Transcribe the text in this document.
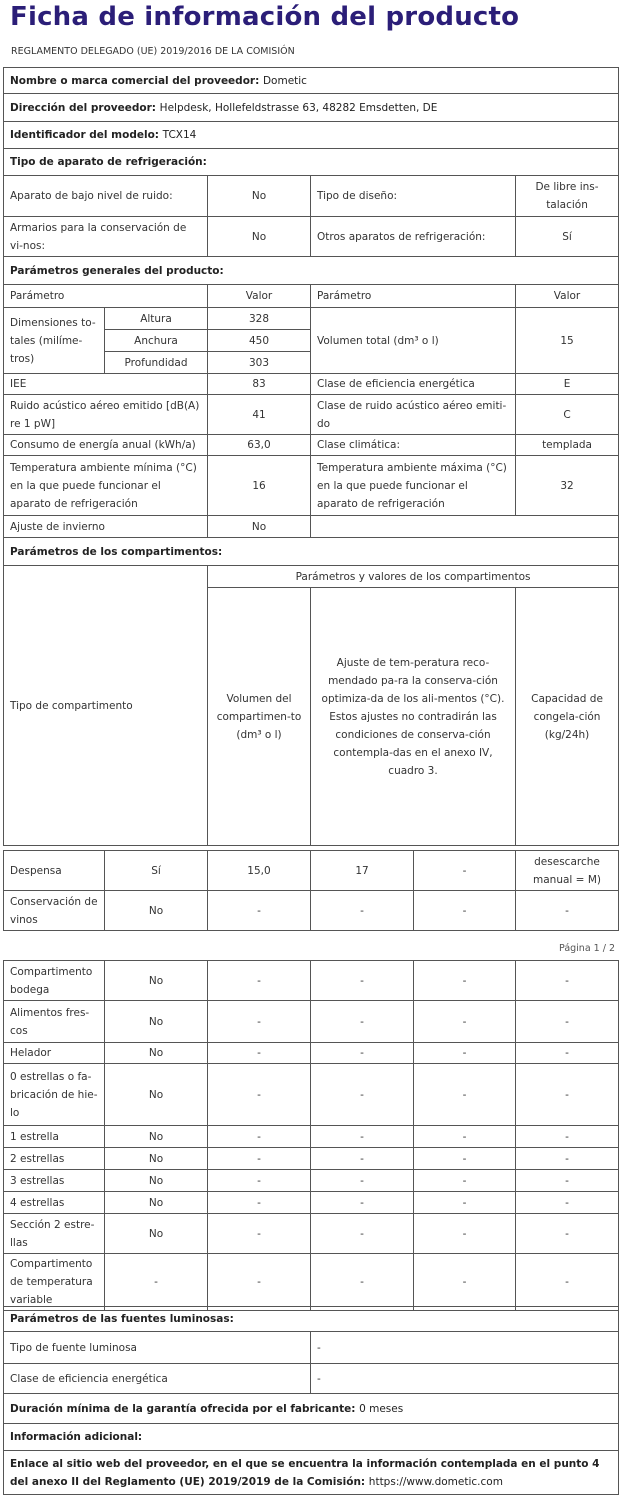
Ficha de información del producto
REGLAMENTO DELEGADO (UE) 2019/2016 DE LA COMISIÓN
Nombre o marca comercial del proveedor: Dometic					
Dirección del proveedor: Helpdesk, Hollefeldstrasse 63, 48282 Emsdetten, DE					
Identificador del modelo: TCX14					
Tipo de aparato de refrigeración:					
Aparato de bajo nivel de ruido:		No	Tipo de diseño:	De libre ins-talación	
Armarios para la conservación de vi-nos:		No	Otros aparatos de refrigeración:	Sí	
Parámetros generales del producto:					
Parámetro		Valor	Parámetro	Valor	
Dimensiones to-tales (milíme-tros)	Altura	328	Volumen total (dm³ o l)	15	
	Anchura	450			
	Profundidad	303			
IEE		83	Clase de eficiencia energética	E	
Ruido acústico aéreo emitido [dB(A) re 1 pW]		41	Clase de ruido acústico aéreo emiti-do	C	
Consumo de energía anual (kWh/a)		63,0	Clase climática:	templada	
Temperatura ambiente mínima (°C) en la que puede funcionar el aparato de refrigeración		16	Temperatura ambiente máxima (°C) en la que puede funcionar el aparato de refrigeración	32	
Ajuste de invierno		No			
Parámetros de los compartimentos:					
Tipo de compartimento		Parámetros y valores de los compartimentos			
		Volumen del compartimen-to (dm³ o l)	Ajuste de tem-peratura reco-mendado pa-ra la conserva-ción optimiza-da de los ali-mentos (°C). Estos ajustes no contradirán las condiciones de conserva-ción contempla-das en el anexo IV, cuadro 3.	Capacidad de congela-ción (kg/24h)	
Despensa	Sí	15,0	17	-	desescarche manual = M)
Conservación de vinos	No	-	-	-	-
Página 1 / 2
Compartimento bodega	No	-	-	-	-
Alimentos fres-cos	No	-	-	-	-
Helador	No	-	-	-	-
0 estrellas o fa-bricación de hie-lo	No	-	-	-	-
1 estrella	No	-	-	-	-
2 estrellas	No	-	-	-	-
3 estrellas	No	-	-	-	-
4 estrellas	No	-	-	-	-
Sección 2 estre-llas	No	-	-	-	-
Compartimento de temperatura variable	-	-	-	-	-
Parámetros de las fuentes luminosas:	
Tipo de fuente luminosa	-
Clase de eficiencia energética	-
Duración mínima de la garantía ofrecida por el fabricante: 0 meses	
Información adicional:	
Enlace al sitio web del proveedor, en el que se encuentra la información contemplada en el punto 4 del anexo II del Reglamento (UE) 2019/2019 de la Comisión: https://www.dometic.com	
